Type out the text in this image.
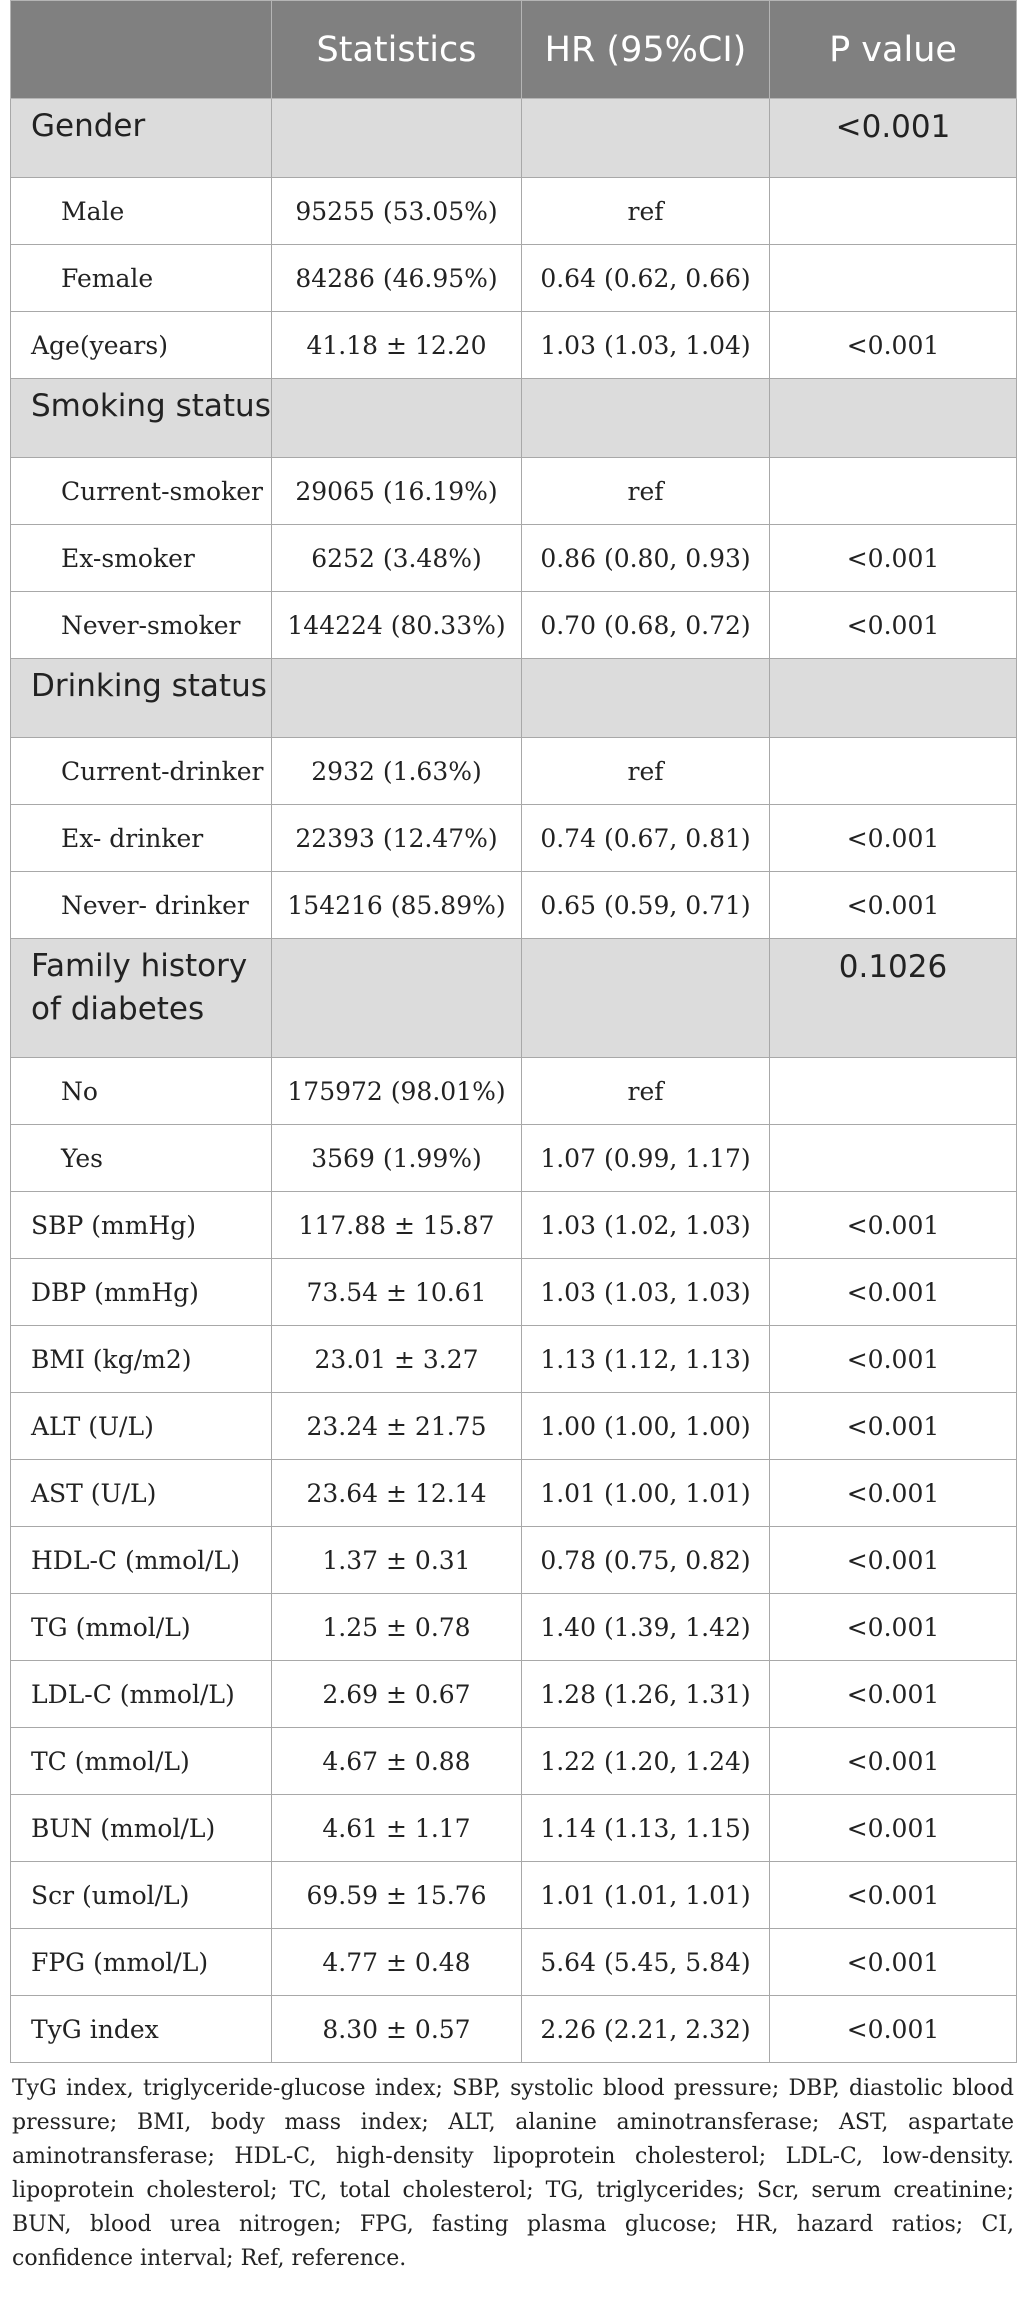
	Statistics	HR (95%CI)	P value
Gender			<0.001
Male	95255 (53.05%)	ref	
Female	84286 (46.95%)	0.64 (0.62, 0.66)	
Age(years)	41.18 ± 12.20	1.03 (1.03, 1.04)	<0.001
Smoking status			
Current-smoker	29065 (16.19%)	ref	
Ex-smoker	6252 (3.48%)	0.86 (0.80, 0.93)	<0.001
Never-smoker	144224 (80.33%)	0.70 (0.68, 0.72)	<0.001
Drinking status			
Current-drinker	2932 (1.63%)	ref	
Ex- drinker	22393 (12.47%)	0.74 (0.67, 0.81)	<0.001
Never- drinker	154216 (85.89%)	0.65 (0.59, 0.71)	<0.001
Family history of diabetes			0.1026
No	175972 (98.01%)	ref	
Yes	3569 (1.99%)	1.07 (0.99, 1.17)	
SBP (mmHg)	117.88 ± 15.87	1.03 (1.02, 1.03)	<0.001
DBP (mmHg)	73.54 ± 10.61	1.03 (1.03, 1.03)	<0.001
BMI (kg/m2)	23.01 ± 3.27	1.13 (1.12, 1.13)	<0.001
ALT (U/L)	23.24 ± 21.75	1.00 (1.00, 1.00)	<0.001
AST (U/L)	23.64 ± 12.14	1.01 (1.00, 1.01)	<0.001
HDL-C (mmol/L)	1.37 ± 0.31	0.78 (0.75, 0.82)	<0.001
TG (mmol/L)	1.25 ± 0.78	1.40 (1.39, 1.42)	<0.001
LDL-C (mmol/L)	2.69 ± 0.67	1.28 (1.26, 1.31)	<0.001
TC (mmol/L)	4.67 ± 0.88	1.22 (1.20, 1.24)	<0.001
BUN (mmol/L)	4.61 ± 1.17	1.14 (1.13, 1.15)	<0.001
Scr (umol/L)	69.59 ± 15.76	1.01 (1.01, 1.01)	<0.001
FPG (mmol/L)	4.77 ± 0.48	5.64 (5.45, 5.84)	<0.001
TyG index	8.30 ± 0.57	2.26 (2.21, 2.32)	<0.001
TyG index, triglyceride-glucose index; SBP, systolic blood pressure; DBP, diastolic blood pressure; BMI, body mass index; ALT, alanine aminotransferase; AST, aspartate aminotransferase; HDL-C, high-density lipoprotein cholesterol; LDL-C, low-density. lipoprotein cholesterol; TC, total cholesterol; TG, triglycerides; Scr, serum creatinine; BUN, blood urea nitrogen; FPG, fasting plasma glucose; HR, hazard ratios; CI, confidence interval; Ref, reference.
